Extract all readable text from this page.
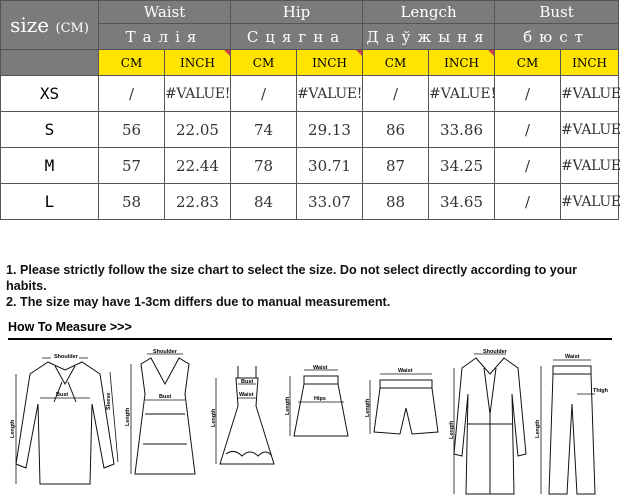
size (CM)	Waist		Hip		Lengch		Bust	
	Талія		Сцягна		Даўжыня		бюст	
	CM	INCH	CM	INCH	CM	INCH	CM	INCH
XS	/	#VALUE!	/	#VALUE!	/	#VALUE!	/	#VALUE
S	56	22.05	74	29.13	86	33.86	/	#VALUE
M	57	22.44	78	30.71	87	34.25	/	#VALUE
L	58	22.83	84	33.07	88	34.65	/	#VALUE
1. Please strictly follow the size chart to select the size. Do not select directly according to your habits.
2. The size may have 1-3cm differs due to manual measurement.
How To Measure >>>
Shoulder
Bust
Length
Sleeve
Shoulder
Bust
Length
Bust
Waist
Length
Waist
Hips
Length
Waist
Length
Shoulder
Length
Waist
Thigh
Length
